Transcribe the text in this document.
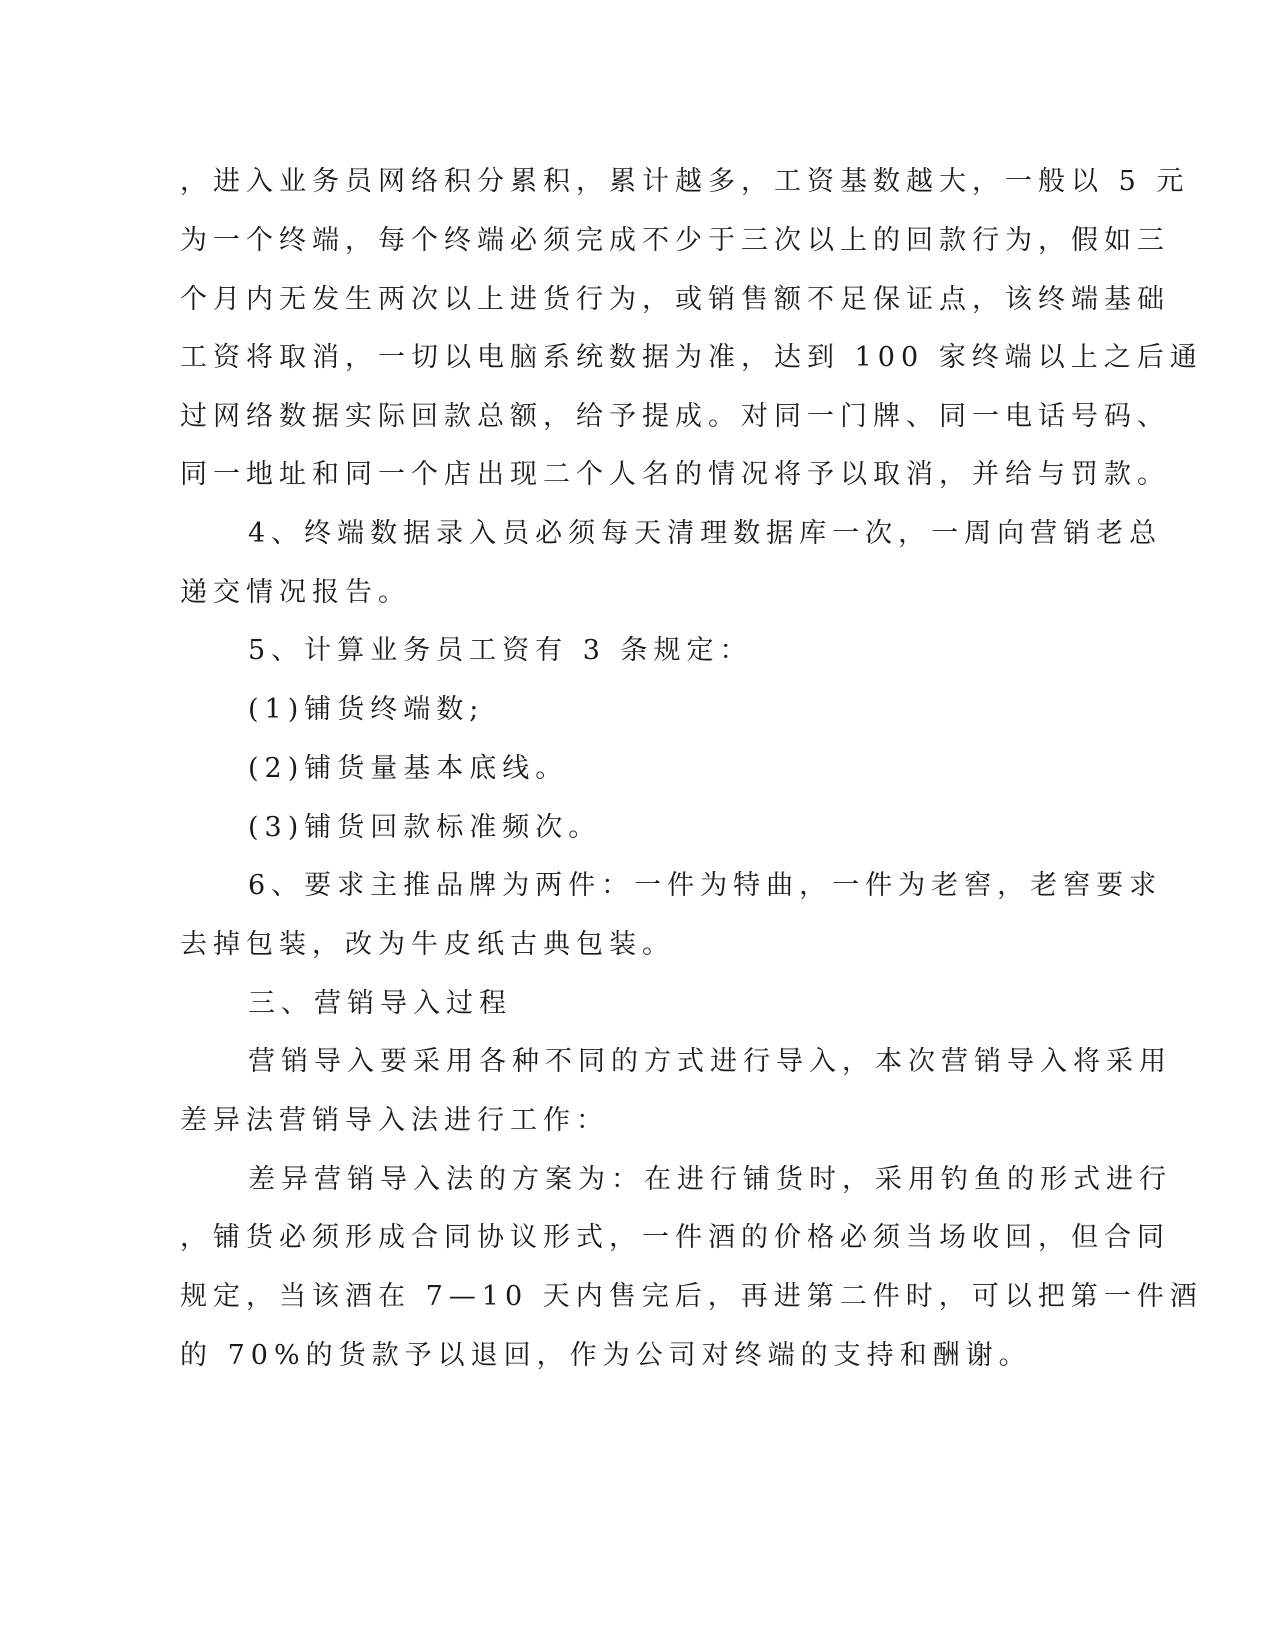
，进入业务员网络积分累积，累计越多，工资基数越大，一般以 5 元
为一个终端，每个终端必须完成不少于三次以上的回款行为，假如三
个月内无发生两次以上进货行为，或销售额不足保证点，该终端基础
工资将取消，一切以电脑系统数据为准，达到 100 家终端以上之后通
过网络数据实际回款总额，给予提成。对同一门牌、同一电话号码、
同一地址和同一个店出现二个人名的情况将予以取消，并给与罚款。
4、终端数据录入员必须每天清理数据库一次，一周向营销老总
递交情况报告。
5、计算业务员工资有 3 条规定：
(1)铺货终端数;
(2)铺货量基本底线。
(3)铺货回款标准频次。
6、要求主推品牌为两件：一件为特曲，一件为老窖，老窖要求
去掉包装，改为牛皮纸古典包装。
三、营销导入过程
营销导入要采用各种不同的方式进行导入，本次营销导入将采用
差异法营销导入法进行工作：
差异营销导入法的方案为：在进行铺货时，采用钓鱼的形式进行
，铺货必须形成合同协议形式，一件酒的价格必须当场收回，但合同
规定，当该酒在 7—10 天内售完后，再进第二件时，可以把第一件酒
的 70%的货款予以退回，作为公司对终端的支持和酬谢。
